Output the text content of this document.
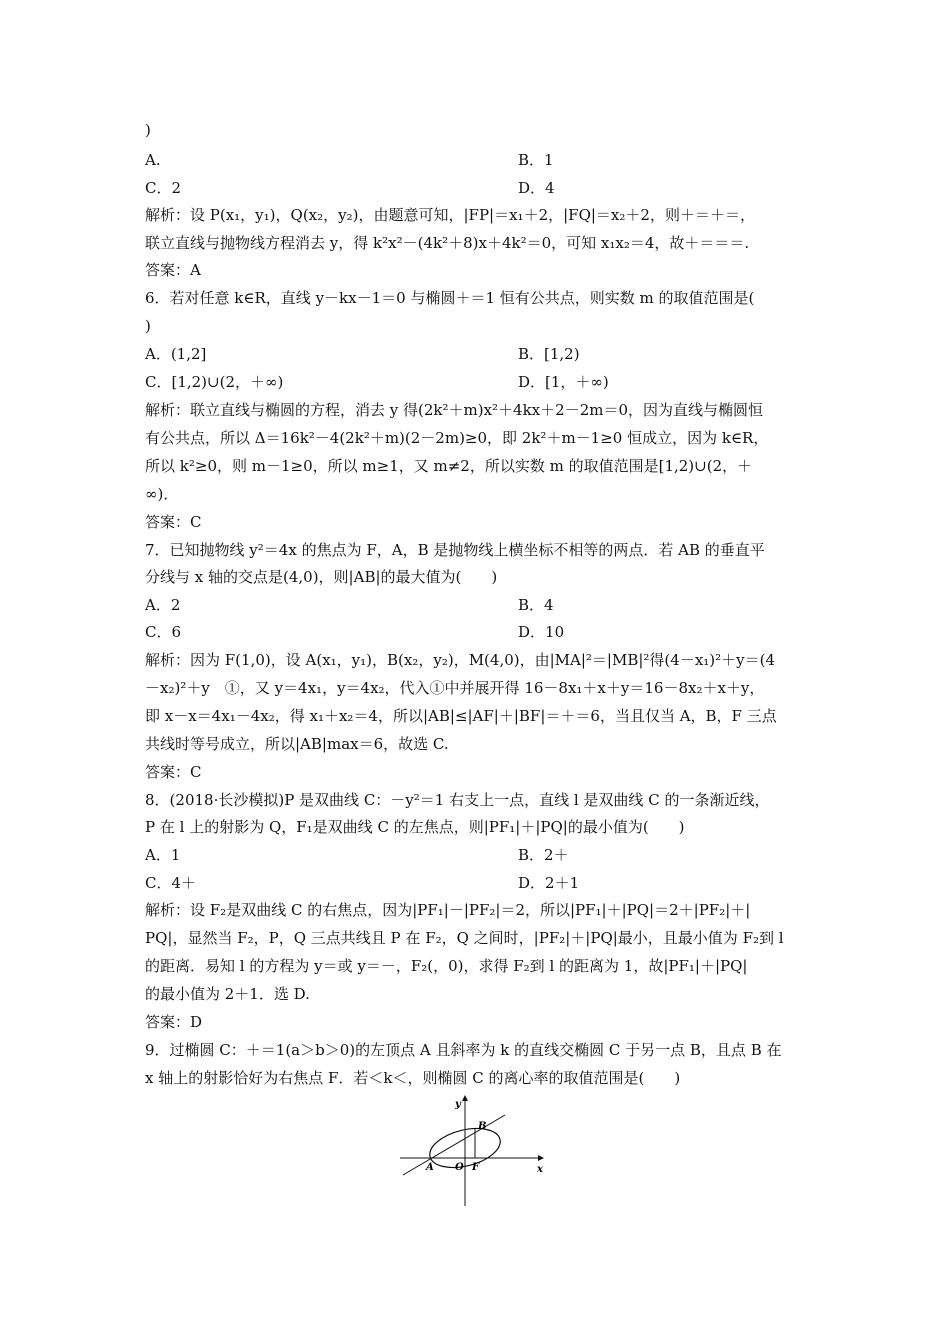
)
A.	B．1
C．2	D．4
解析：设 P(x₁，y₁)，Q(x₂，y₂)，由题意可知，|FP|＝x₁＋2，|FQ|＝x₂＋2，则＋＝＋＝，
联立直线与抛物线方程消去 y，得 k²x²－(4k²＋8)x＋4k²＝0，可知 x₁x₂＝4，故＋＝＝＝.
答案：A
6．若对任意 k∈R，直线 y－kx－1＝0 与椭圆＋＝1 恒有公共点，则实数 m 的取值范围是(
)
A．(1,2]	B．[1,2)
C．[1,2)∪(2，＋∞)	D．[1，＋∞)
解析：联立直线与椭圆的方程，消去 y 得(2k²＋m)x²＋4kx＋2－2m＝0，因为直线与椭圆恒
有公共点，所以 Δ＝16k²－4(2k²＋m)(2－2m)≥0，即 2k²＋m－1≥0 恒成立，因为 k∈R，
所以 k²≥0，则 m－1≥0，所以 m≥1，又 m≠2，所以实数 m 的取值范围是[1,2)∪(2，＋
∞)．
答案：C
7．已知抛物线 y²＝4x 的焦点为 F，A，B 是抛物线上横坐标不相等的两点．若 AB 的垂直平
分线与 x 轴的交点是(4,0)，则|AB|的最大值为(　　)
A．2	B．4
C．6	D．10
解析：因为 F(1,0)，设 A(x₁，y₁)，B(x₂，y₂)，M(4,0)，由|MA|²＝|MB|²得(4－x₁)²＋y＝(4
－x₂)²＋y　①，又 y＝4x₁，y＝4x₂，代入①中并展开得 16－8x₁＋x＋y＝16－8x₂＋x＋y，
即 x－x＝4x₁－4x₂，得 x₁＋x₂＝4，所以|AB|≤|AF|＋|BF|＝＋＝6，当且仅当 A，B，F 三点
共线时等号成立，所以|AB|max＝6，故选 C.
答案：C
8．(2018·长沙模拟)P 是双曲线 C：－y²＝1 右支上一点，直线 l 是双曲线 C 的一条渐近线，
P 在 l 上的射影为 Q，F₁是双曲线 C 的左焦点，则|PF₁|＋|PQ|的最小值为(　　)
A．1	B．2＋
C．4＋	D．2＋1
解析：设 F₂是双曲线 C 的右焦点，因为|PF₁|－|PF₂|＝2，所以|PF₁|＋|PQ|＝2＋|PF₂|＋|
PQ|，显然当 F₂，P，Q 三点共线且 P 在 F₂，Q 之间时，|PF₂|＋|PQ|最小，且最小值为 F₂到 l
的距离．易知 l 的方程为 y＝或 y＝－，F₂(，0)，求得 F₂到 l 的距离为 1，故|PF₁|＋|PQ|
的最小值为 2＋1．选 D.
答案：D
9．过椭圆 C：＋＝1(a＞b＞0)的左顶点 A 且斜率为 k 的直线交椭圆 C 于另一点 B，且点 B 在
x 轴上的射影恰好为右焦点 F．若＜k＜，则椭圆 C 的离心率的取值范围是(　　)
y
x
A O F
B
